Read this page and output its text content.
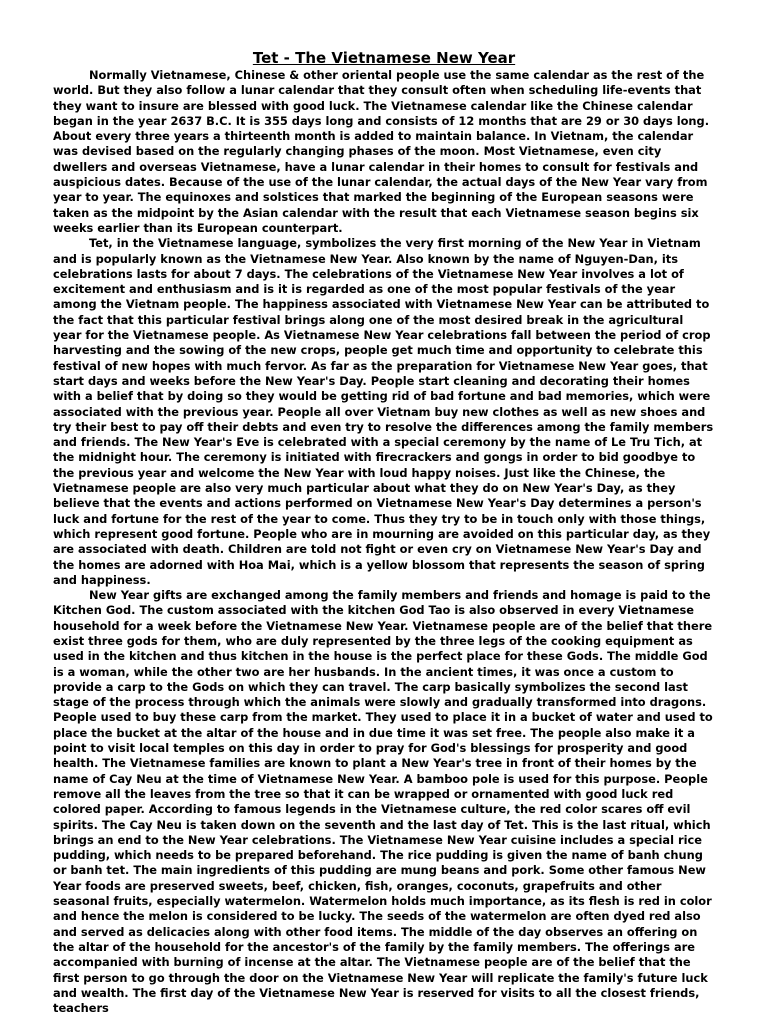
Tet - The Vietnamese New Year

Normally Vietnamese, Chinese & other oriental people use the same calendar as the rest of the world. But they also follow a lunar calendar that they consult often when scheduling life-events that they want to insure are blessed with good luck. The Vietnamese calendar like the Chinese calendar began in the year 2637 B.C. It is 355 days long and consists of 12 months that are 29 or 30 days long. About every three years a thirteenth month is added to maintain balance. In Vietnam, the calendar was devised based on the regularly changing phases of the moon. Most Vietnamese, even city dwellers and overseas Vietnamese, have a lunar calendar in their homes to consult for festivals and auspicious dates. Because of the use of the lunar calendar, the actual days of the New Year vary from year to year. The equinoxes and solstices that marked the beginning of the European seasons were taken as the midpoint by the Asian calendar with the result that each Vietnamese season begins six weeks earlier than its European counterpart.

Tet, in the Vietnamese language, symbolizes the very first morning of the New Year in Vietnam and is popularly known as the Vietnamese New Year. Also known by the name of Nguyen-Dan, its celebrations lasts for about 7 days. The celebrations of the Vietnamese New Year involves a lot of excitement and enthusiasm and is it is regarded as one of the most popular festivals of the year among the Vietnam people. The happiness associated with Vietnamese New Year can be attributed to the fact that this particular festival brings along one of the most desired break in the agricultural year for the Vietnamese people. As Vietnamese New Year celebrations fall between the period of crop harvesting and the sowing of the new crops, people get much time and opportunity to celebrate this festival of new hopes with much fervor. As far as the preparation for Vietnamese New Year goes, that start days and weeks before the New Year's Day. People start cleaning and decorating their homes with a belief that by doing so they would be getting rid of bad fortune and bad memories, which were associated with the previous year. People all over Vietnam buy new clothes as well as new shoes and try their best to pay off their debts and even try to resolve the differences among the family members and friends. The New Year's Eve is celebrated with a special ceremony by the name of Le Tru Tich, at the midnight hour. The ceremony is initiated with firecrackers and gongs in order to bid goodbye to the previous year and welcome the New Year with loud happy noises. Just like the Chinese, the Vietnamese people are also very much particular about what they do on New Year's Day, as they believe that the events and actions performed on Vietnamese New Year's Day determines a person's luck and fortune for the rest of the year to come. Thus they try to be in touch only with those things, which represent good fortune. People who are in mourning are avoided on this particular day, as they are associated with death. Children are told not fight or even cry on Vietnamese New Year's Day and the homes are adorned with Hoa Mai, which is a yellow blossom that represents the season of spring and happiness.

New Year gifts are exchanged among the family members and friends and homage is paid to the Kitchen God. The custom associated with the kitchen God Tao is also observed in every Vietnamese household for a week before the Vietnamese New Year. Vietnamese people are of the belief that there exist three gods for them, who are duly represented by the three legs of the cooking equipment as used in the kitchen and thus kitchen in the house is the perfect place for these Gods. The middle God is a woman, while the other two are her husbands. In the ancient times, it was once a custom to provide a carp to the Gods on which they can travel. The carp basically symbolizes the second last stage of the process through which the animals were slowly and gradually transformed into dragons. People used to buy these carp from the market. They used to place it in a bucket of water and used to place the bucket at the altar of the house and in due time it was set free. The people also make it a point to visit local temples on this day in order to pray for God's blessings for prosperity and good health. The Vietnamese families are known to plant a New Year's tree in front of their homes by the name of Cay Neu at the time of Vietnamese New Year. A bamboo pole is used for this purpose. People remove all the leaves from the tree so that it can be wrapped or ornamented with good luck red colored paper. According to famous legends in the Vietnamese culture, the red color scares off evil spirits. The Cay Neu is taken down on the seventh and the last day of Tet. This is the last ritual, which brings an end to the New Year celebrations. The Vietnamese New Year cuisine includes a special rice pudding, which needs to be prepared beforehand. The rice pudding is given the name of banh chung or banh tet. The main ingredients of this pudding are mung beans and pork. Some other famous New Year foods are preserved sweets, beef, chicken, fish, oranges, coconuts, grapefruits and other seasonal fruits, especially watermelon. Watermelon holds much importance, as its flesh is red in color and hence the melon is considered to be lucky. The seeds of the watermelon are often dyed red also and served as delicacies along with other food items. The middle of the day observes an offering on the altar of the household for the ancestor's of the family by the family members. The offerings are accompanied with burning of incense at the altar. The Vietnamese people are of the belief that the first person to go through the door on the Vietnamese New Year will replicate the family's future luck and wealth. The first day of the Vietnamese New Year is reserved for visits to all the closest friends, teachers
